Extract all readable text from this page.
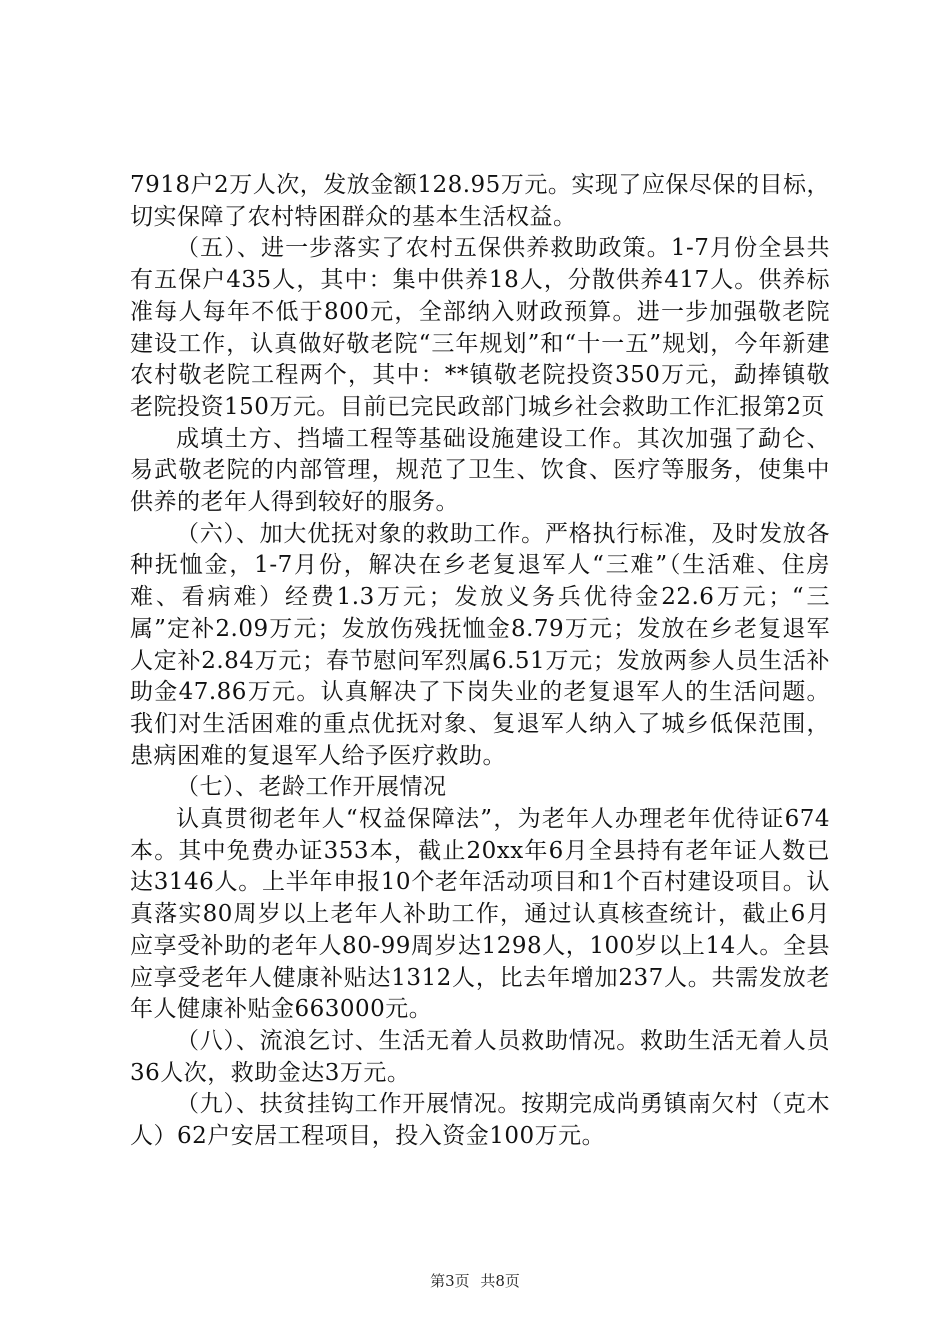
7918户2万人次，发放金额128.95万元。实现了应保尽保的目标，切实保障了农村特困群众的基本生活权益。

（五）、进一步落实了农村五保供养救助政策。1-7月份全县共有五保户435人，其中：集中供养18人，分散供养417人。供养标准每人每年不低于800元，全部纳入财政预算。进一步加强敬老院建设工作，认真做好敬老院“三年规划”和“十一五”规划，今年新建农村敬老院工程两个，其中：**镇敬老院投资350万元，勐捧镇敬老院投资150万元。目前已完民政部门城乡社会救助工作汇报第2页

成填土方、挡墙工程等基础设施建设工作。其次加强了勐仑、易武敬老院的内部管理，规范了卫生、饮食、医疗等服务，使集中供养的老年人得到较好的服务。

（六）、加大优抚对象的救助工作。严格执行标准，及时发放各种抚恤金，1-7月份，解决在乡老复退军人“三难”（生活难、住房难、看病难）经费1.3万元；发放义务兵优待金22.6万元；“三属”定补2.09万元；发放伤残抚恤金8.79万元；发放在乡老复退军人定补2.84万元；春节慰问军烈属6.51万元；发放两参人员生活补助金47.86万元。认真解决了下岗失业的老复退军人的生活问题。我们对生活困难的重点优抚对象、复退军人纳入了城乡低保范围，患病困难的复退军人给予医疗救助。

（七）、老龄工作开展情况

认真贯彻老年人“权益保障法”，为老年人办理老年优待证674本。其中免费办证353本，截止20xx年6月全县持有老年证人数已达3146人。上半年申报10个老年活动项目和1个百村建设项目。认真落实80周岁以上老年人补助工作，通过认真核查统计，截止6月应享受补助的老年人80-99周岁达1298人，100岁以上14人。全县应享受老年人健康补贴达1312人，比去年增加237人。共需发放老年人健康补贴金663000元。

（八）、流浪乞讨、生活无着人员救助情况。救助生活无着人员36人次，救助金达3万元。

（九）、扶贫挂钩工作开展情况。按期完成尚勇镇南欠村（克木人）62户安居工程项目，投入资金100万元。

第3页 共8页
